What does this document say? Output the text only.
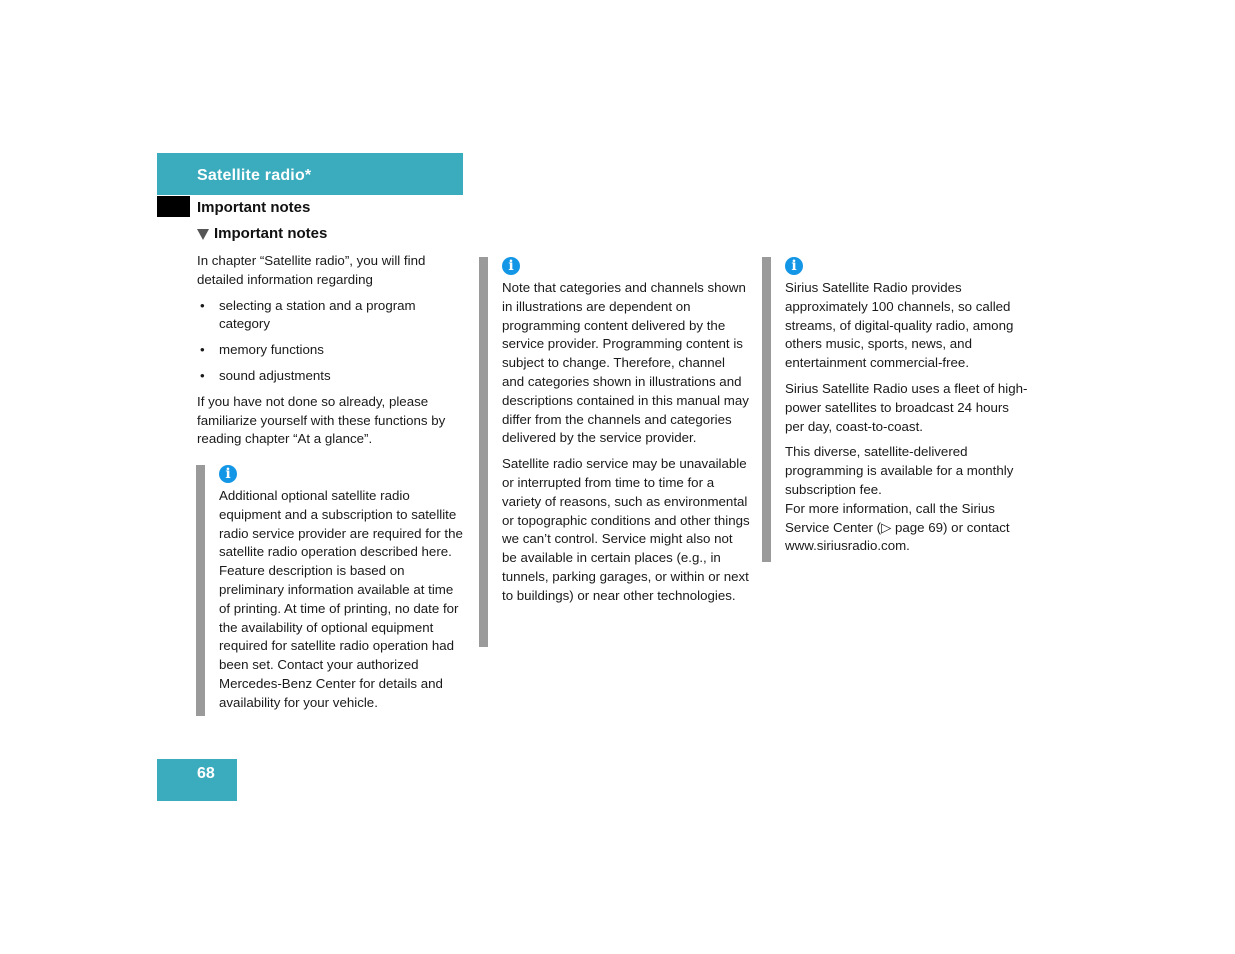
Satellite radio*
Important notes
Important notes

In chapter “Satellite radio”, you will find detailed information regarding

• selecting a station and a program category
• memory functions
• sound adjustments

If you have not done so already, please familiarize yourself with these functions by reading chapter “At a glance”.

i

Additional optional satellite radio equipment and a subscription to satellite radio service provider are required for the satellite radio operation described here. Feature description is based on preliminary information available at time of printing. At time of printing, no date for the availability of optional equipment required for satellite radio operation had been set. Contact your authorized Mercedes-Benz Center for details and availability for your vehicle.

i

Note that categories and channels shown in illustrations are dependent on programming content delivered by the service provider. Programming content is subject to change. Therefore, channel and categories shown in illustrations and descriptions contained in this manual may differ from the channels and categories delivered by the service provider.

Satellite radio service may be unavailable or interrupted from time to time for a variety of reasons, such as environmental or topographic conditions and other things we can’t control. Service might also not be available in certain places (e.g., in tunnels, parking garages, or within or next to buildings) or near other technologies.

i

Sirius Satellite Radio provides approximately 100 channels, so called streams, of digital-quality radio, among others music, sports, news, and entertainment commercial-free.

Sirius Satellite Radio uses a fleet of high-power satellites to broadcast 24 hours per day, coast-to-coast.

This diverse, satellite-delivered programming is available for a monthly subscription fee.

For more information, call the Sirius Service Center (▷ page 69) or contact www.siriusradio.com.

68
